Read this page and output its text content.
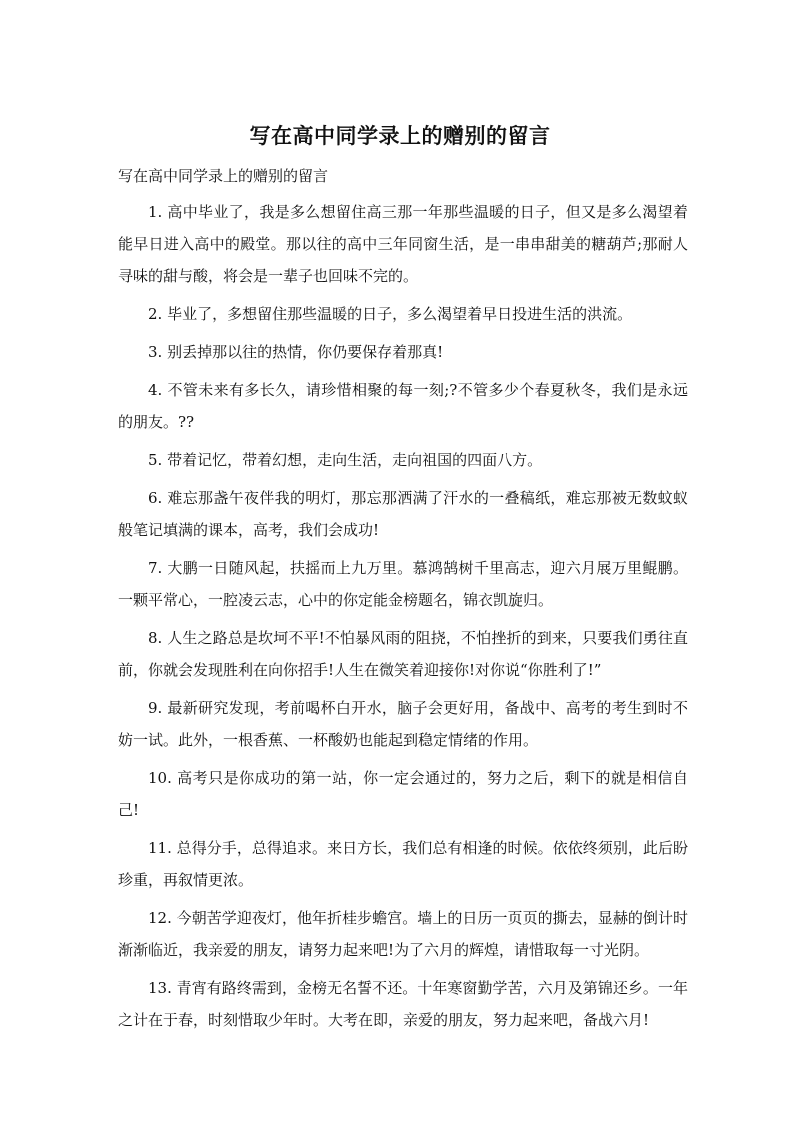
写在高中同学录上的赠别的留言

写在高中同学录上的赠别的留言

1. 高中毕业了，我是多么想留住高三那一年那些温暖的日子，但又是多么渴望着能早日进入高中的殿堂。那以往的高中三年同窗生活，是一串串甜美的糖葫芦;那耐人寻味的甜与酸，将会是一辈子也回味不完的。

2. 毕业了，多想留住那些温暖的日子，多么渴望着早日投进生活的洪流。

3. 别丢掉那以往的热情，你仍要保存着那真!

4. 不管未来有多长久，请珍惜相聚的每一刻;?不管多少个春夏秋冬，我们是永远的朋友。??

5. 带着记忆，带着幻想，走向生活，走向祖国的四面八方。

6. 难忘那盏午夜伴我的明灯，那忘那洒满了汗水的一叠稿纸，难忘那被无数蚊蚁般笔记填满的课本，高考，我们会成功!

7. 大鹏一日随风起，扶摇而上九万里。慕鸿鹄树千里高志，迎六月展万里鲲鹏。一颗平常心，一腔凌云志，心中的你定能金榜题名，锦衣凯旋归。

8. 人生之路总是坎坷不平!不怕暴风雨的阻挠，不怕挫折的到来，只要我们勇往直前，你就会发现胜利在向你招手!人生在微笑着迎接你!对你说“你胜利了!”

9. 最新研究发现，考前喝杯白开水，脑子会更好用，备战中、高考的考生到时不妨一试。此外，一根香蕉、一杯酸奶也能起到稳定情绪的作用。

10. 高考只是你成功的第一站，你一定会通过的，努力之后，剩下的就是相信自己!

11. 总得分手，总得追求。来日方长，我们总有相逢的时候。依依终须别，此后盼珍重，再叙情更浓。

12. 今朝苦学迎夜灯，他年折桂步蟾宫。墙上的日历一页页的撕去，显赫的倒计时渐渐临近，我亲爱的朋友，请努力起来吧!为了六月的辉煌，请惜取每一寸光阴。

13. 青宵有路终需到，金榜无名誓不还。十年寒窗勤学苦，六月及第锦还乡。一年之计在于春，时刻惜取少年时。大考在即，亲爱的朋友，努力起来吧，备战六月!
